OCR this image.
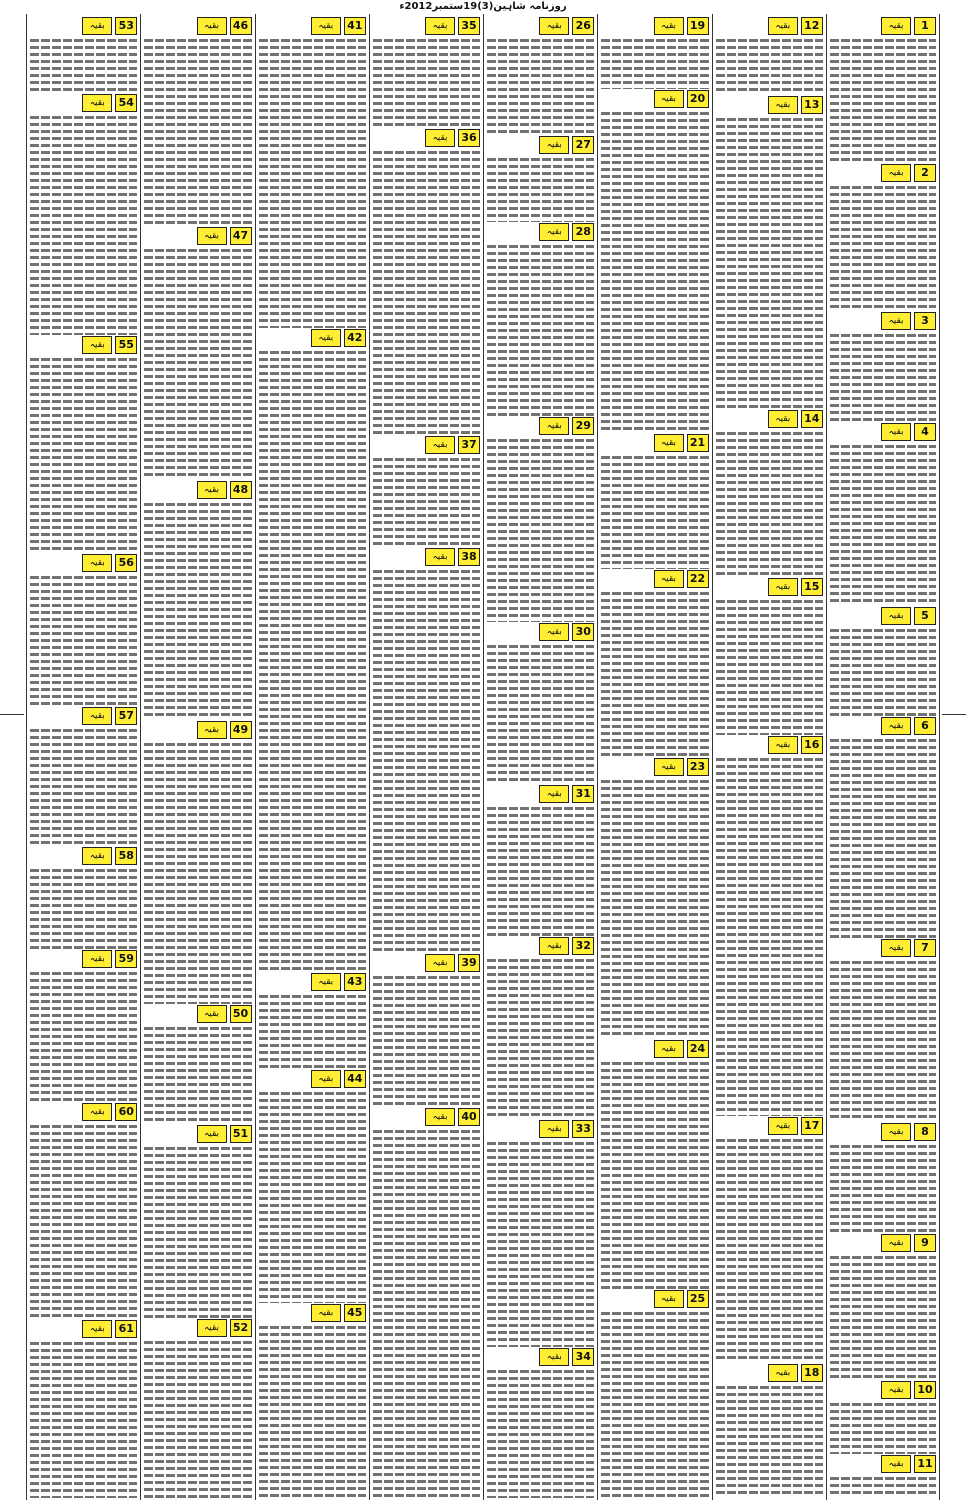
روزنامہ شاہین(3)19ستمبر2012ء
1
بقیہ
2
بقیہ
3
بقیہ
4
بقیہ
5
بقیہ
6
بقیہ
7
بقیہ
8
بقیہ
9
بقیہ
10
بقیہ
11
بقیہ
12
بقیہ
13
بقیہ
14
بقیہ
15
بقیہ
16
بقیہ
17
بقیہ
18
بقیہ
19
بقیہ
20
بقیہ
21
بقیہ
22
بقیہ
23
بقیہ
24
بقیہ
25
بقیہ
26
بقیہ
27
بقیہ
28
بقیہ
29
بقیہ
30
بقیہ
31
بقیہ
32
بقیہ
33
بقیہ
34
بقیہ
35
بقیہ
36
بقیہ
37
بقیہ
38
بقیہ
39
بقیہ
40
بقیہ
41
بقیہ
42
بقیہ
43
بقیہ
44
بقیہ
45
بقیہ
46
بقیہ
47
بقیہ
48
بقیہ
49
بقیہ
50
بقیہ
51
بقیہ
52
بقیہ
53
بقیہ
54
بقیہ
55
بقیہ
56
بقیہ
57
بقیہ
58
بقیہ
59
بقیہ
60
بقیہ
61
بقیہ
